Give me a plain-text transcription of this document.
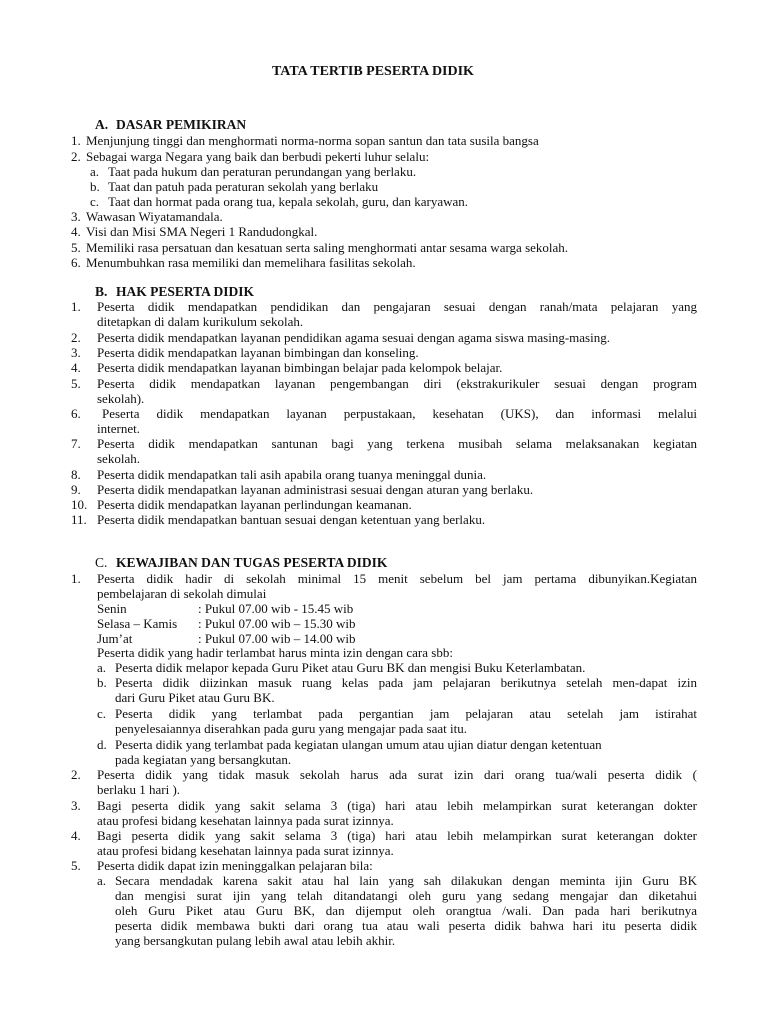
TATA TERTIB PESERTA DIDIK
A. DASAR PEMIKIRAN
1. Menjunjung tinggi dan menghormati norma-norma sopan santun dan tata susila bangsa
2. Sebagai warga Negara yang baik dan berbudi pekerti luhur selalu:
a. Taat pada hukum dan peraturan perundangan yang berlaku.
b. Taat dan patuh pada peraturan sekolah yang berlaku
c. Taat dan hormat pada orang tua, kepala sekolah, guru, dan karyawan.
3. Wawasan Wiyatamandala.
4. Visi dan Misi SMA Negeri 1 Randudongkal.
5. Memiliki rasa persatuan dan kesatuan serta saling menghormati antar sesama warga sekolah.
6. Menumbuhkan rasa memiliki dan memelihara fasilitas sekolah.
B. HAK PESERTA DIDIK
1. Peserta didik mendapatkan pendidikan dan pengajaran sesuai dengan ranah/mata pelajaran yang
ditetapkan di dalam kurikulum sekolah.
2. Peserta didik mendapatkan layanan pendidikan agama sesuai dengan agama siswa masing-masing.
3. Peserta didik mendapatkan layanan bimbingan dan konseling.
4. Peserta didik mendapatkan layanan bimbingan belajar pada kelompok belajar.
5. Peserta didik mendapatkan layanan pengembangan diri (ekstrakurikuler sesuai dengan program
sekolah).
6. Peserta didik mendapatkan layanan perpustakaan, kesehatan (UKS), dan informasi melalui
internet.
7. Peserta didik mendapatkan santunan bagi yang terkena musibah selama melaksanakan kegiatan
sekolah.
8. Peserta didik mendapatkan tali asih apabila orang tuanya meninggal dunia.
9. Peserta didik mendapatkan layanan administrasi sesuai dengan aturan yang berlaku.
10. Peserta didik mendapatkan layanan perlindungan keamanan.
11. Peserta didik mendapatkan bantuan sesuai dengan ketentuan yang berlaku.
C. KEWAJIBAN DAN TUGAS PESERTA DIDIK
1. Peserta didik hadir di sekolah minimal 15 menit sebelum bel jam pertama dibunyikan.Kegiatan
pembelajaran di sekolah dimulai
Senin	: Pukul 07.00 wib - 15.45 wib
Selasa – Kamis : Pukul 07.00 wib – 15.30 wib
Jum’at	: Pukul 07.00 wib – 14.00 wib
Peserta didik yang hadir terlambat harus minta izin dengan cara sbb:
a. Peserta didik melapor kepada Guru Piket atau Guru BK dan mengisi Buku Keterlambatan.
b. Peserta didik diizinkan masuk ruang kelas pada jam pelajaran berikutnya setelah men-dapat izin
dari Guru Piket atau Guru BK.
c. Peserta didik yang terlambat pada pergantian jam pelajaran atau setelah jam istirahat
penyelesaiannya diserahkan pada guru yang mengajar pada saat itu.
d. Peserta didik yang terlambat pada kegiatan ulangan umum atau ujian diatur dengan ketentuan
pada kegiatan yang bersangkutan.
2. Peserta didik yang tidak masuk sekolah harus ada surat izin dari orang tua/wali peserta didik (
berlaku 1 hari ).
3. Bagi peserta didik yang sakit selama 3 (tiga) hari atau lebih melampirkan surat keterangan dokter
atau profesi bidang kesehatan lainnya pada surat izinnya.
4. Bagi peserta didik yang sakit selama 3 (tiga) hari atau lebih melampirkan surat keterangan dokter
atau profesi bidang kesehatan lainnya pada surat izinnya.
5. Peserta didik dapat izin meninggalkan pelajaran bila:
a. Secara mendadak karena sakit atau hal lain yang sah dilakukan dengan meminta ijin Guru BK
dan mengisi surat ijin yang telah ditandatangi oleh guru yang sedang mengajar dan diketahui
oleh Guru Piket atau Guru BK, dan dijemput oleh orangtua /wali. Dan pada hari berikutnya
peserta didik membawa bukti dari orang tua atau wali peserta didik bahwa hari itu peserta didik
yang bersangkutan pulang lebih awal atau lebih akhir.
